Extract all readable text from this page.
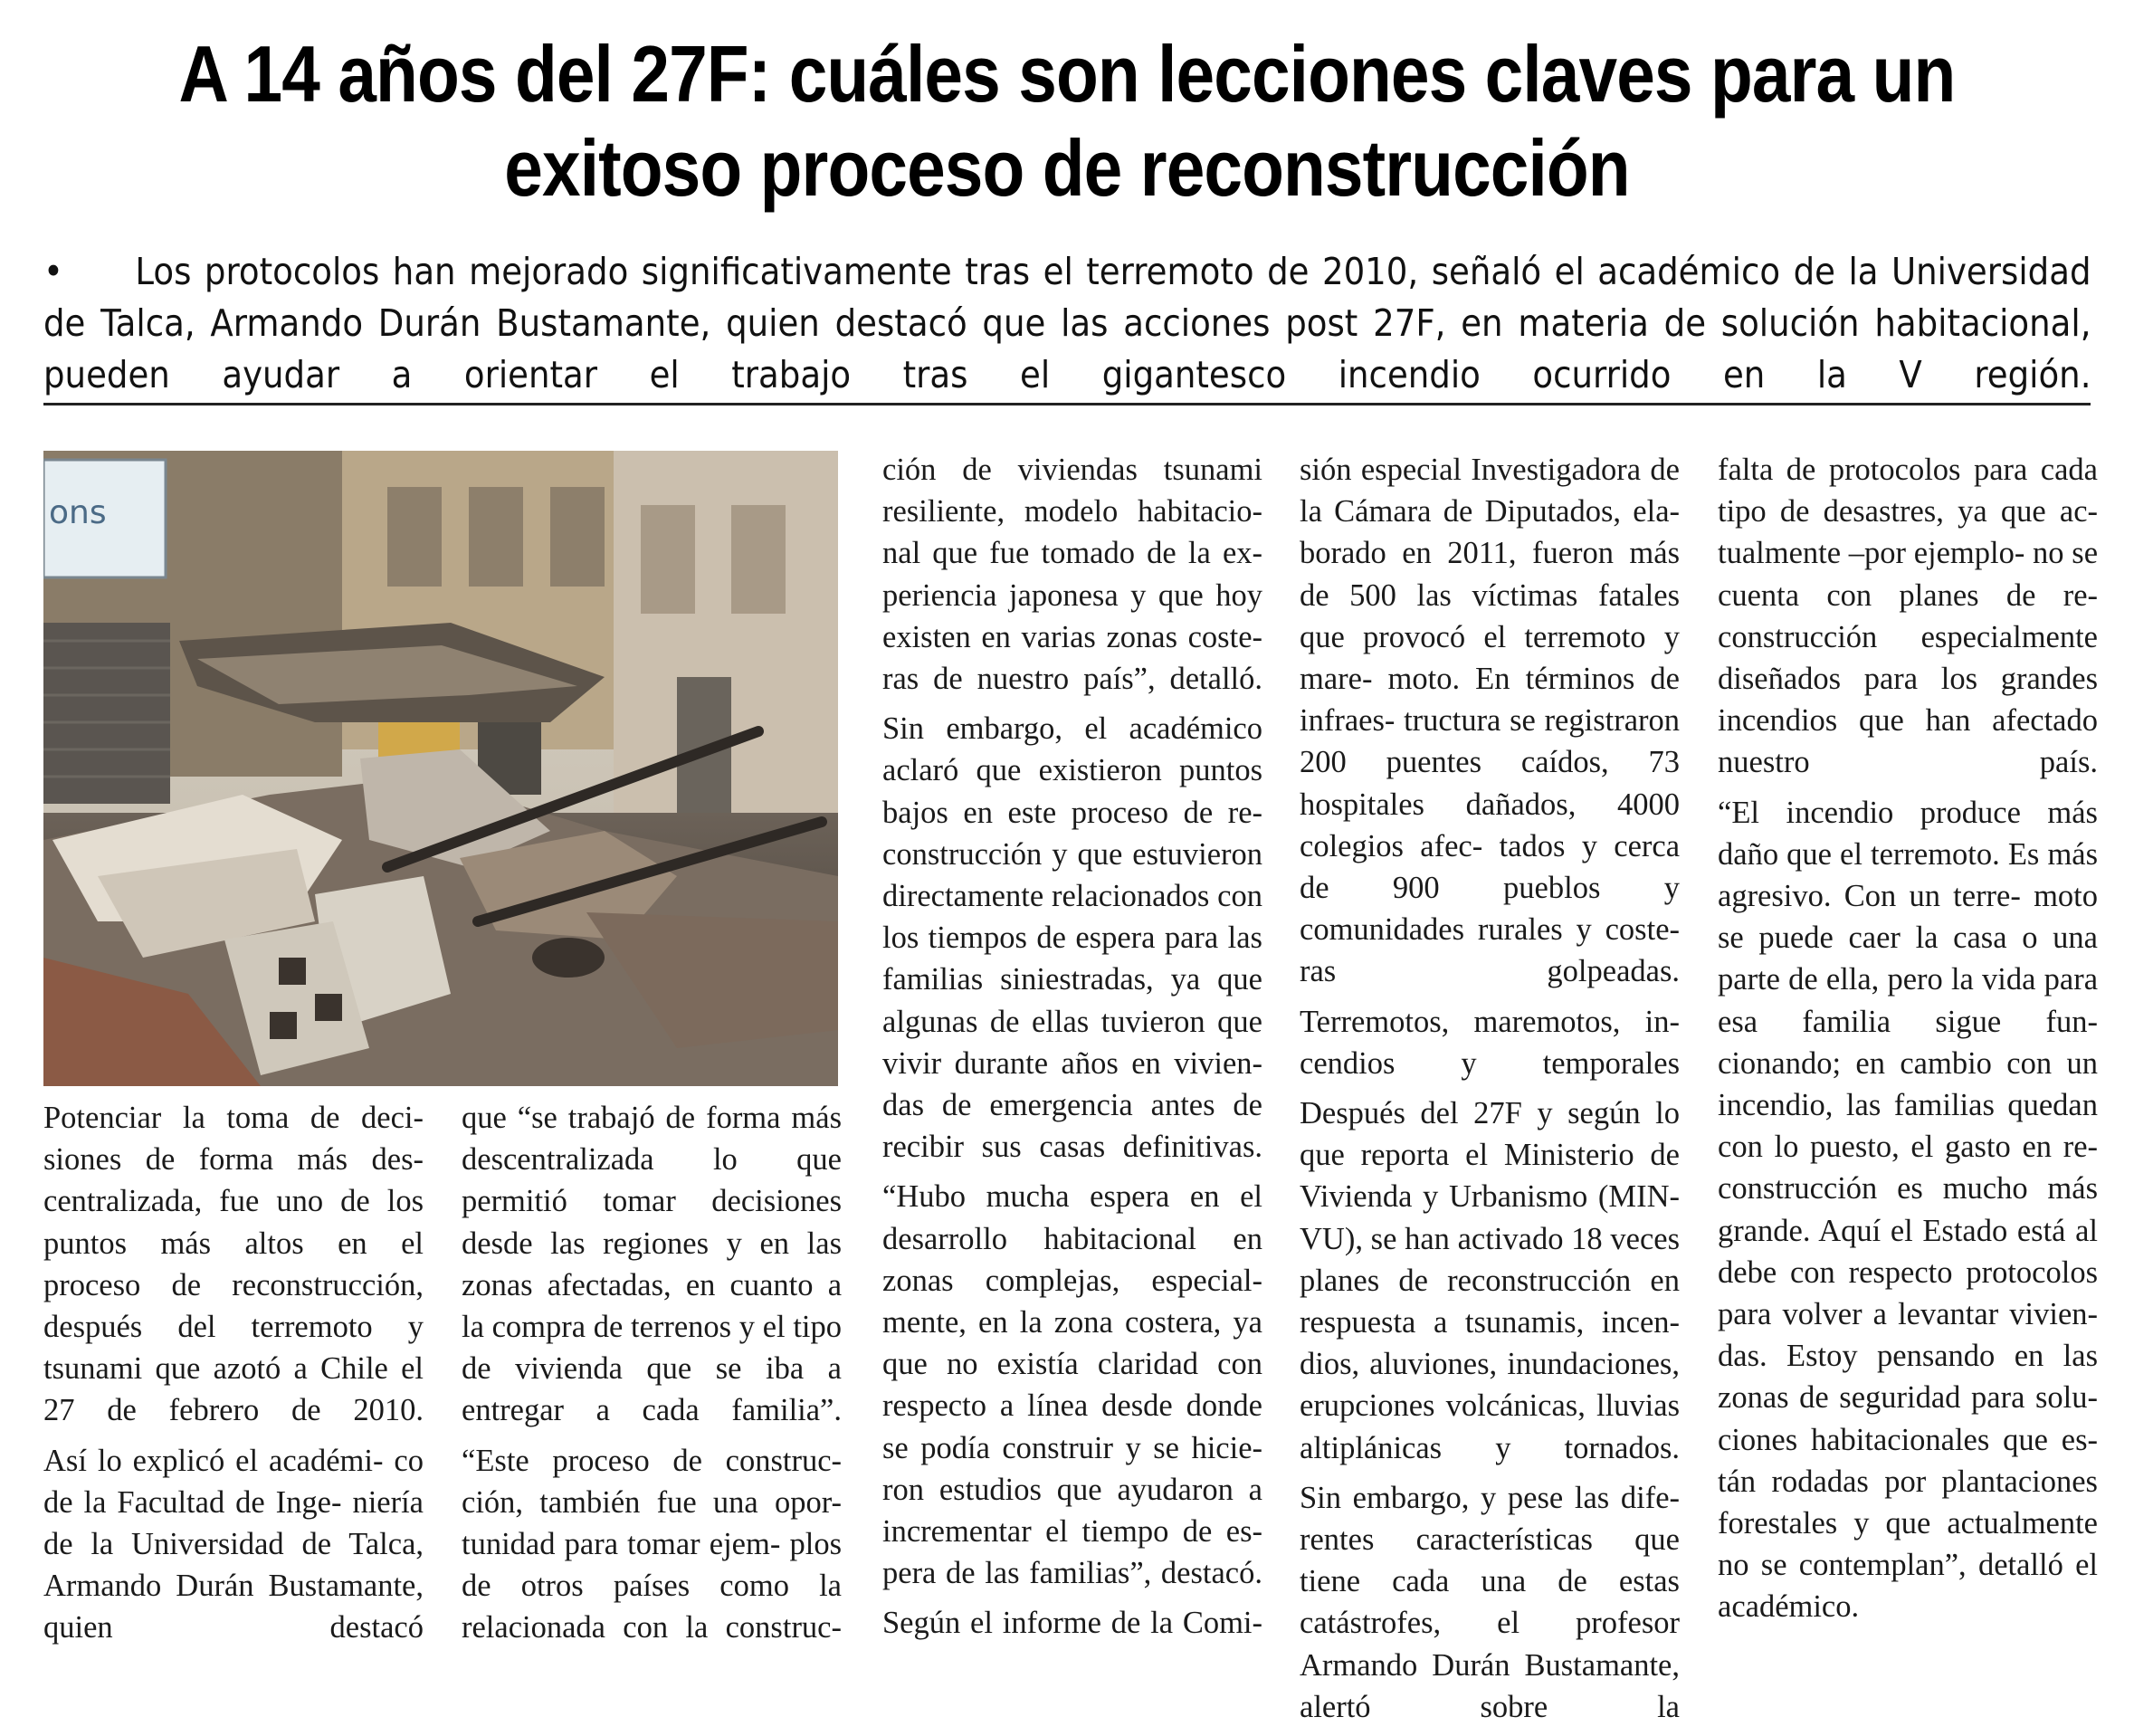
A 14 años del 27F: cuáles son lecciones claves para un
exitoso proceso de reconstrucción
• Los protocolos han mejorado significativamente tras el terremoto de 2010, señaló el académico de la Universidad de Talca, Armando Durán Bustamante, quien destacó que las acciones post 27F, en materia de solución habitacional, pueden ayudar a orientar el trabajo tras el gigantesco incendio ocurrido en la V región.
ons

Potenciar la toma de deci- siones de forma más des- centralizada, fue uno de los puntos más altos en el proceso de reconstrucción, después del terremoto y tsunami que azotó a Chile el 27 de febrero de 2010.

Así lo explicó el académi- co de la Facultad de Inge- niería de la Universidad de Talca, Armando Durán Bustamante, quien destacó

que “se trabajó de forma más descentralizada lo que permitió tomar decisiones desde las regiones y en las zonas afectadas, en cuanto a la compra de terrenos y el tipo de vivienda que se iba a entregar a cada familia”.

“Este proceso de construc- ción, también fue una opor- tunidad para tomar ejem- plos de otros países como la relacionada con la construc-

ción de viviendas tsunami resiliente, modelo habitacio- nal que fue tomado de la ex- periencia japonesa y que hoy existen en varias zonas coste- ras de nuestro país”, detalló.

Sin embargo, el académico aclaró que existieron puntos bajos en este proceso de re- construcción y que estuvieron directamente relacionados con los tiempos de espera para las familias siniestradas, ya que algunas de ellas tuvieron que vivir durante años en vivien- das de emergencia antes de recibir sus casas definitivas.

“Hubo mucha espera en el desarrollo habitacional en zonas complejas, especial- mente, en la zona costera, ya que no existía claridad con respecto a línea desde donde se podía construir y se hicie- ron estudios que ayudaron a incrementar el tiempo de es- pera de las familias”, destacó.

Según el informe de la Comi-

sión especial Investigadora de la Cámara de Diputados, ela- borado en 2011, fueron más de 500 las víctimas fatales que provocó el terremoto y mare- moto. En términos de infraes- tructura se registraron 200 puentes caídos, 73 hospitales dañados, 4000 colegios afec- tados y cerca de 900 pueblos y comunidades rurales y coste- ras golpeadas.

Terremotos, maremotos, in- cendios y temporales

Después del 27F y según lo que reporta el Ministerio de Vivienda y Urbanismo (MIN- VU), se han activado 18 veces planes de reconstrucción en respuesta a tsunamis, incen- dios, aluviones, inundaciones, erupciones volcánicas, lluvias altiplánicas y tornados.

Sin embargo, y pese las dife- rentes características que tiene cada una de estas catástrofes, el profesor Armando Durán Bustamante, alertó sobre la

falta de protocolos para cada tipo de desastres, ya que ac- tualmente –por ejemplo- no se cuenta con planes de re- construcción especialmente diseñados para los grandes incendios que han afectado nuestro país.

“El incendio produce más daño que el terremoto. Es más agresivo. Con un terre- moto se puede caer la casa o una parte de ella, pero la vida para esa familia sigue fun- cionando; en cambio con un incendio, las familias quedan con lo puesto, el gasto en re- construcción es mucho más grande. Aquí el Estado está al debe con respecto protocolos para volver a levantar vivien- das. Estoy pensando en las zonas de seguridad para solu- ciones habitacionales que es- tán rodadas por plantaciones forestales y que actualmente no se contemplan”, detalló el académico.
